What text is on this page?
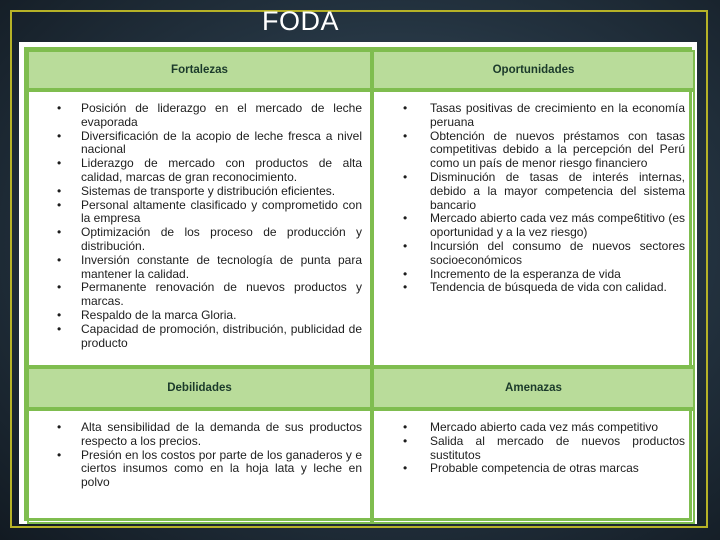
FODA
Fortalezas	Oportunidades
• Posición de liderazgo en el mercado de leche evaporada
• Diversificación de la acopio de leche fresca a nivel nacional
• Liderazgo de mercado con productos de alta calidad, marcas de gran reconocimiento.
• Sistemas de transporte y distribución eficientes.
• Personal altamente clasificado y comprometido con la empresa
• Optimización de los proceso de producción y distribución.
• Inversión constante de tecnología de punta para mantener la calidad.
• Permanente renovación de nuevos productos y marcas.
• Respaldo de la marca Gloria.
• Capacidad de promoción, distribución, publicidad de producto
• Tasas positivas de crecimiento en la economía peruana
• Obtención de nuevos préstamos con tasas competitivas debido a la percepción del Perú como un país de menor riesgo financiero
• Disminución de tasas de interés internas, debido a la mayor competencia del sistema bancario
• Mercado abierto cada vez más compe6titivo (es oportunidad y a la vez riesgo)
• Incursión del consumo de nuevos sectores socioeconómicos
• Incremento de la esperanza de vida
• Tendencia de búsqueda de vida con calidad.
Debilidades	Amenazas
• Alta sensibilidad de la demanda de sus productos respecto a los precios.
• Presión en los costos por parte de los ganaderos y e ciertos insumos como en la hoja lata y leche en polvo
• Mercado abierto cada vez más competitivo
• Salida al mercado de nuevos productos sustitutos
• Probable competencia de otras marcas
